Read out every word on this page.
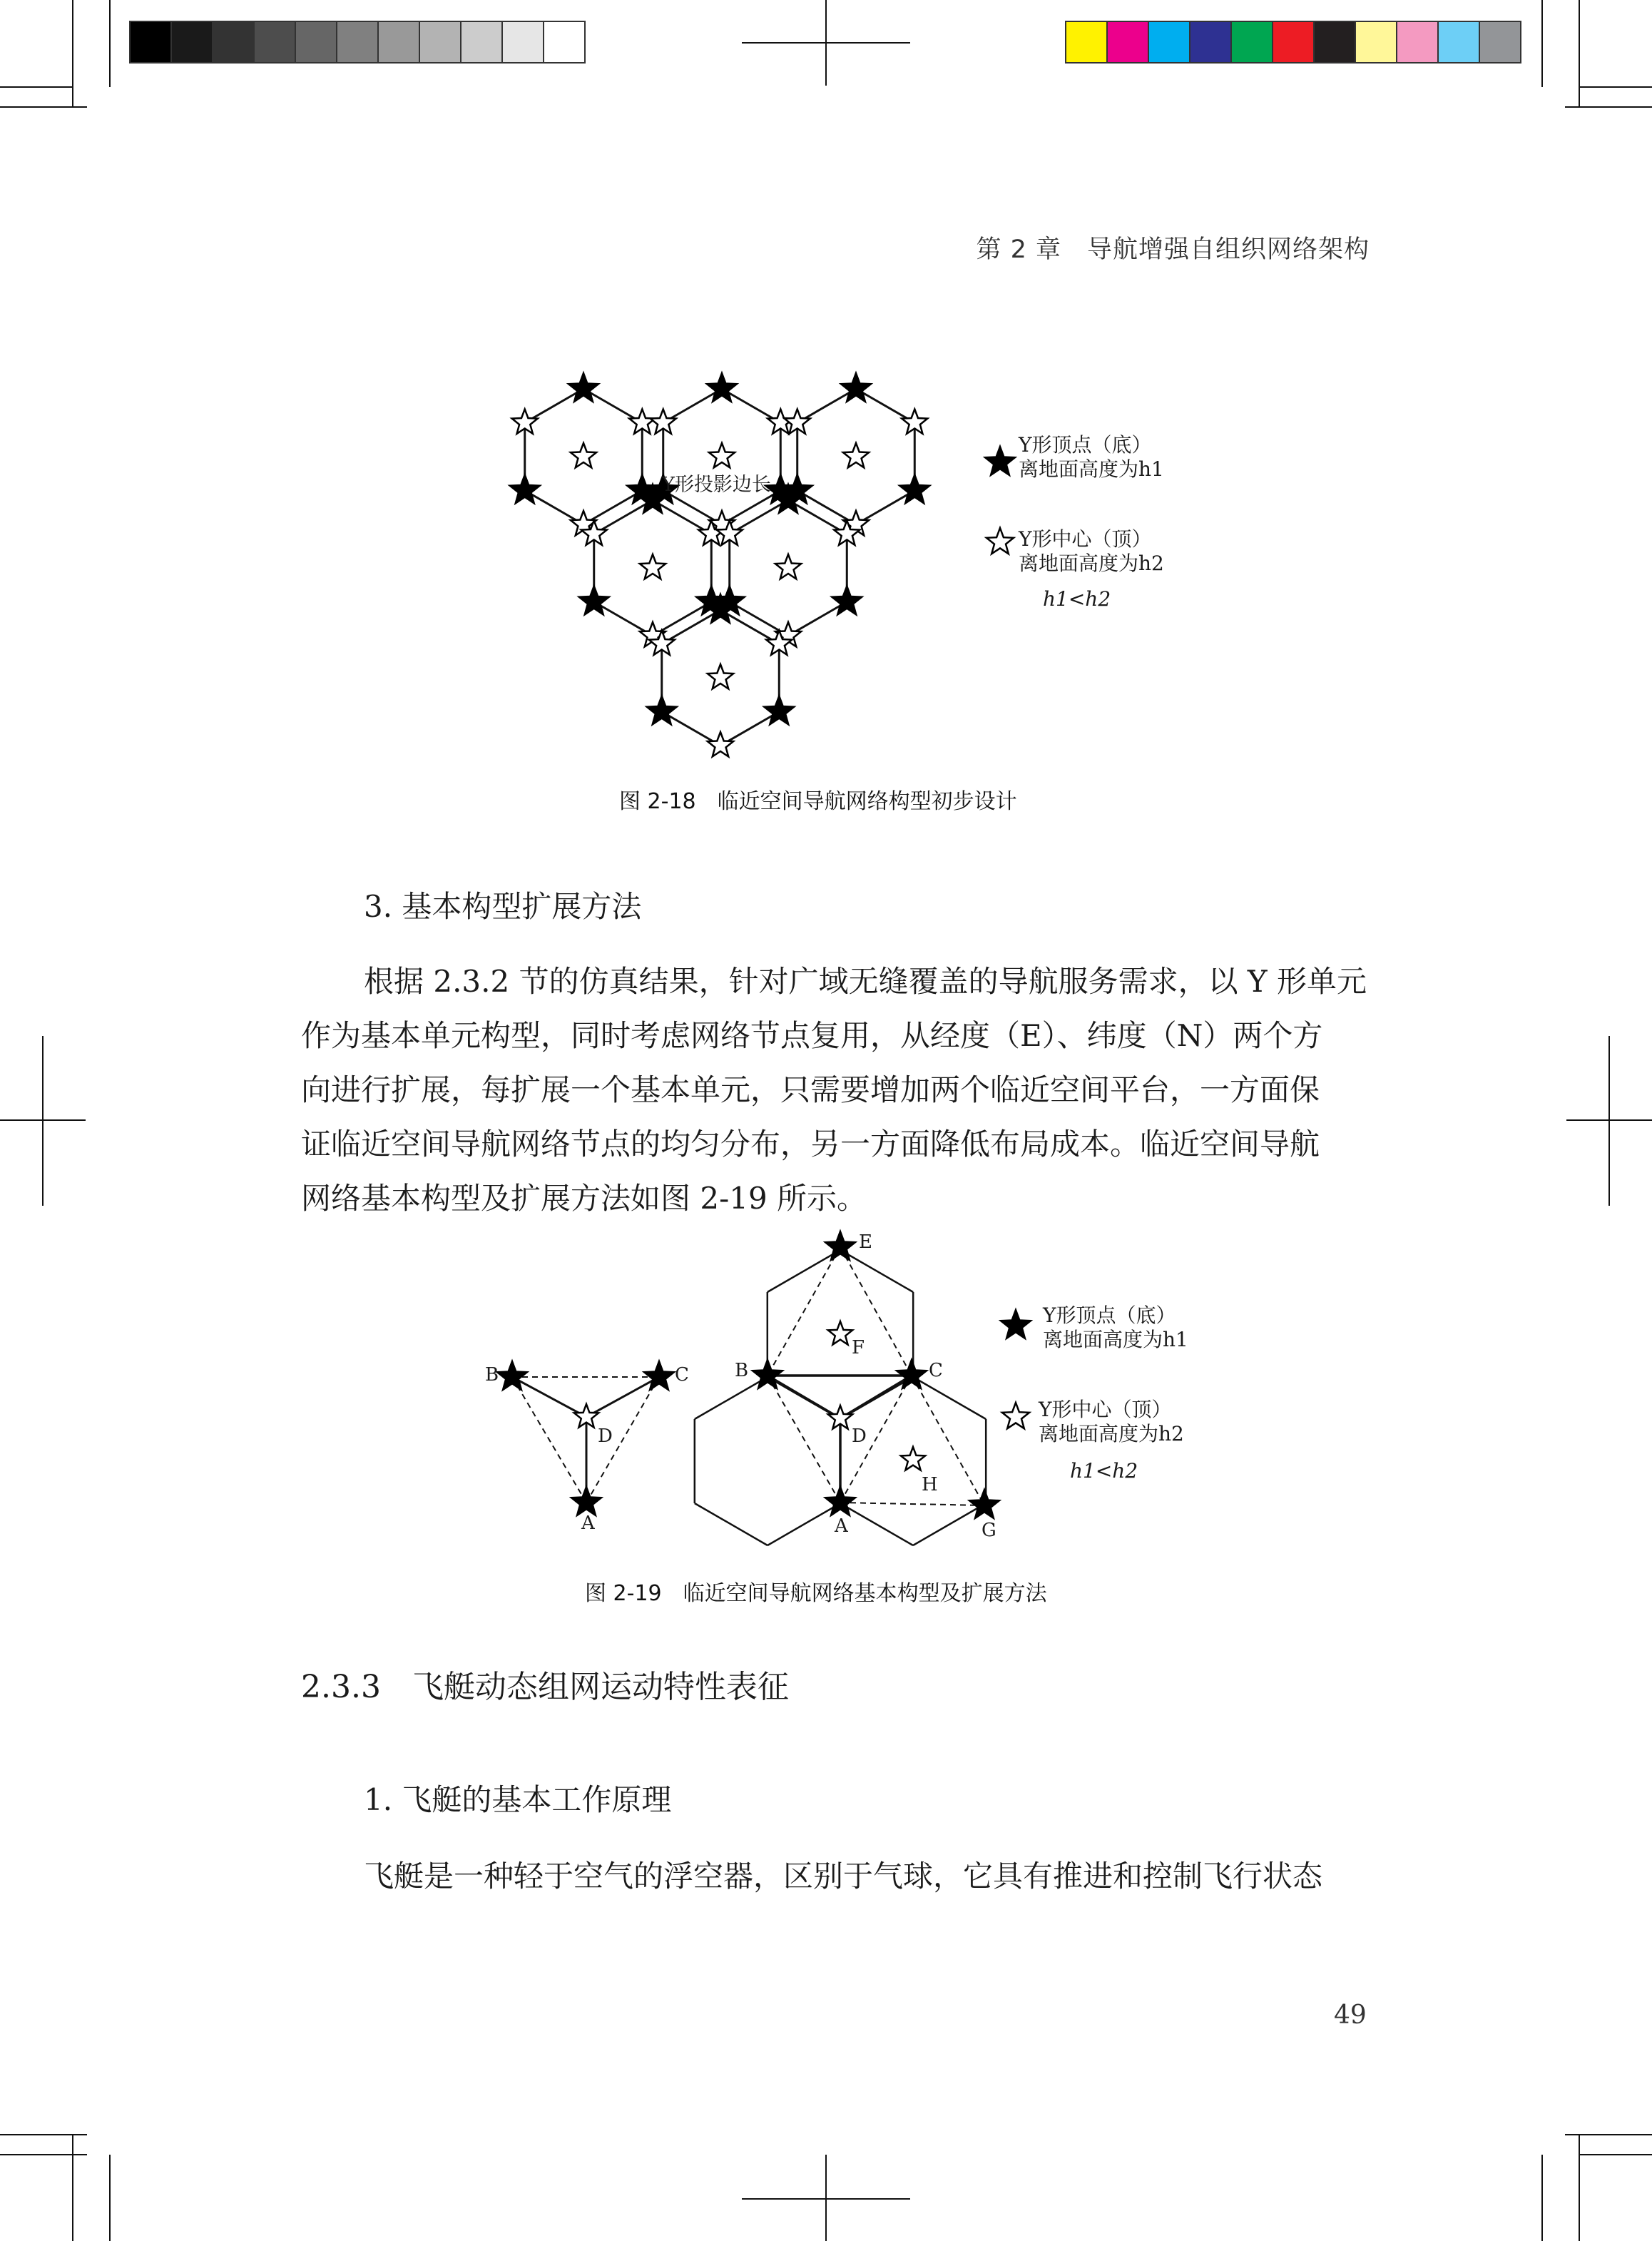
第 2 章　导航增强自组织网络架构
Y形投影边长
Y形顶点（底）
离地面高度为h1
Y形中心（顶）
离地面高度为h2
h1<h2
图 2-18　临近空间导航网络构型初步设计
3. 基本构型扩展方法
根据 2.3.2 节的仿真结果，针对广域无缝覆盖的导航服务需求，以 Y 形单元
作为基本单元构型，同时考虑网络节点复用，从经度（E）、纬度（N）两个方
向进行扩展，每扩展一个基本单元，只需要增加两个临近空间平台，一方面保
证临近空间导航网络节点的均匀分布，另一方面降低布局成本。临近空间导航
网络基本构型及扩展方法如图 2-19 所示。
B	C
D
A
E
F
B	C
D
H
A	G
Y形顶点（底）
离地面高度为h1
Y形中心（顶）
离地面高度为h2
h1<h2
图 2-19　临近空间导航网络基本构型及扩展方法
2.3.3　飞艇动态组网运动特性表征
1. 飞艇的基本工作原理
飞艇是一种轻于空气的浮空器，区别于气球，它具有推进和控制飞行状态
49
